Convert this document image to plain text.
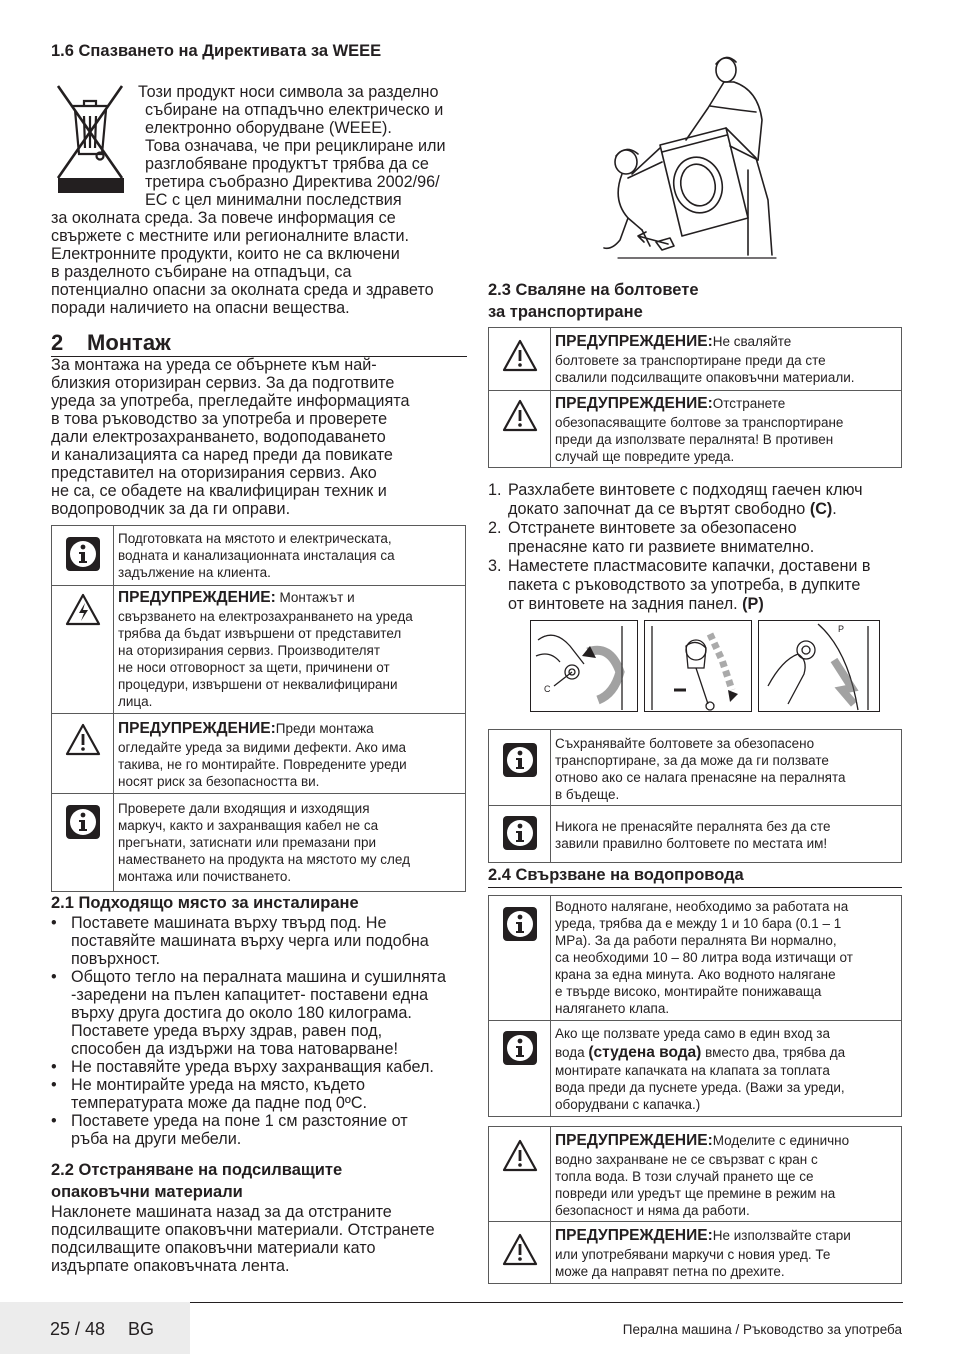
1.6 Спазването на Директивата за WEEE

Този продукт носи символа за разделно

събиране на отпадъчно електрическо и

електронно оборудване (WEEE).

Това означава, че при рециклиране или

разглобяване продуктът трябва да се

третира съобразно Директива 2002/96/

EC с цел минимални последствия

за околната среда. За повече информация се

свържете с местните или регионалните власти.

Електронните продукти, които не са включени

в разделното събиране на отпадъци, са

потенциално опасни за околната среда и здравето

поради наличието на опасни вещества.

2 Монтаж

За монтажа на уреда се обърнете към най-

близкия оторизиран сервиз. За да подготвите

уреда за употреба, прегледайте информацията

в това ръководство за употреба и проверете

дали електрозахранването, водоподаването

и канализацията са наред преди да повикате

представител на оторизирания сервиз. Ако

не са, се обадете на квалифициран техник и

водопроводчик за да ги оправи.

Подготовката на мястото и електрическата,

водната и канализационната инсталация са

задължение на клиента.

ПРЕДУПРЕЖДЕНИЕ: Монтажът и

свързването на електрозахранването на уреда

трябва да бъдат извършени от представител

на оторизирания сервиз. Производителят

не носи отговорност за щети, причинени от

процедури, извършени от неквалифицирани

лица.

ПРЕДУПРЕЖДЕНИЕ:Преди монтажа

огледайте уреда за видими дефекти. Ако има

такива, не го монтирайте. Повредените уреди

носят риск за безопасността ви.

Проверете дали входящия и изходящия

маркуч, както и захранващия кабел не са

прегънати, затиснати или премазани при

наместването на продукта на мястото му след

монтажа или почистването.

2.1 Подходящо място за инсталиране
• Поставете машината върху твърд под. Не

поставяйте машината върху черга или подобна

повърхност.

• Общото тегло на пералната машина и сушилнята

-заредени на пълен капацитет- поставени една

върху друга достига до около 180 килограма.

Поставете уреда върху здрав, равен под,

способен да издържи на това натоварване!

• Не поставяйте уреда върху захранващия кабел.

• Не монтирайте уреда на място, където

температурата може да падне под 0ºC.

• Поставете уреда на поне 1 см разстояние от

ръба на други мебели.

2.2 Отстраняване на подсилващите
опаковъчни материали

Наклонете машината назад за да отстраните

подсилващите опаковъчни материали. Отстранете

подсилващите опаковъчни материали като

издърпате опаковъчната лента.

2.3 Сваляне на болтовете
за транспортиране

ПРЕДУПРЕЖДЕНИЕ:Не сваляйте

болтовете за транспортиране преди да сте

свалили подсилващите опаковъчни материали.

ПРЕДУПРЕЖДЕНИЕ:Отстранете

обезопасяващите болтове за транспортиране

преди да използвате пералнята! В противен

случай ще повредите уреда.

1. Разхлабете винтовете с подходящ гаечен ключ

докато започнат да се въртят свободно (C).

2. Отстранете винтовете за обезопасено

пренасяне като ги развиете внимателно.

3. Наместете пластмасовите капачки, доставени в

пакета с ръководството за употреба, в дупките

от винтовете на задния панел. (P)

C
P

Съхранявайте болтовете за обезопасено

транспортиране, за да може да ги ползвате

отново ако се налага пренасяне на пералнята

в бъдеще.

Никога не пренасяйте пералнята без да сте

завили правилно болтовете по местата им!

2.4 Свързване на водопровода

Водното налягане, необходимо за работата на

уреда, трябва да е между 1 и 10 бара (0.1 – 1

MPa). За да работи пералнята Ви нормално,

са необходими 10 – 80 литра вода изтичащи от

крана за една минута. Ако водното налягане

е твърде високо, монтирайте понижаваща

налягането клапа.

Ако ще ползвате уреда само в един вход за

вода (студена вода) вместо два, трябва да

монтирате капачката на клапата за топлата

вода преди да пуснете уреда. (Важи за уреди,

оборудвани с капачка.)

ПРЕДУПРЕЖДЕНИЕ:Моделите с единично

водно захранване не се свързват с кран с

топла вода. В този случай прането ще се

повреди или уредът ще премине в режим на

безопасност и няма да работи.

ПРЕДУПРЕЖДЕНИЕ:Не използвайте стари

или употребявани маркучи с новия уред. Те

може да направят петна по дрехите.

25 / 48 BG	Перална машина / Ръководство за употреба
